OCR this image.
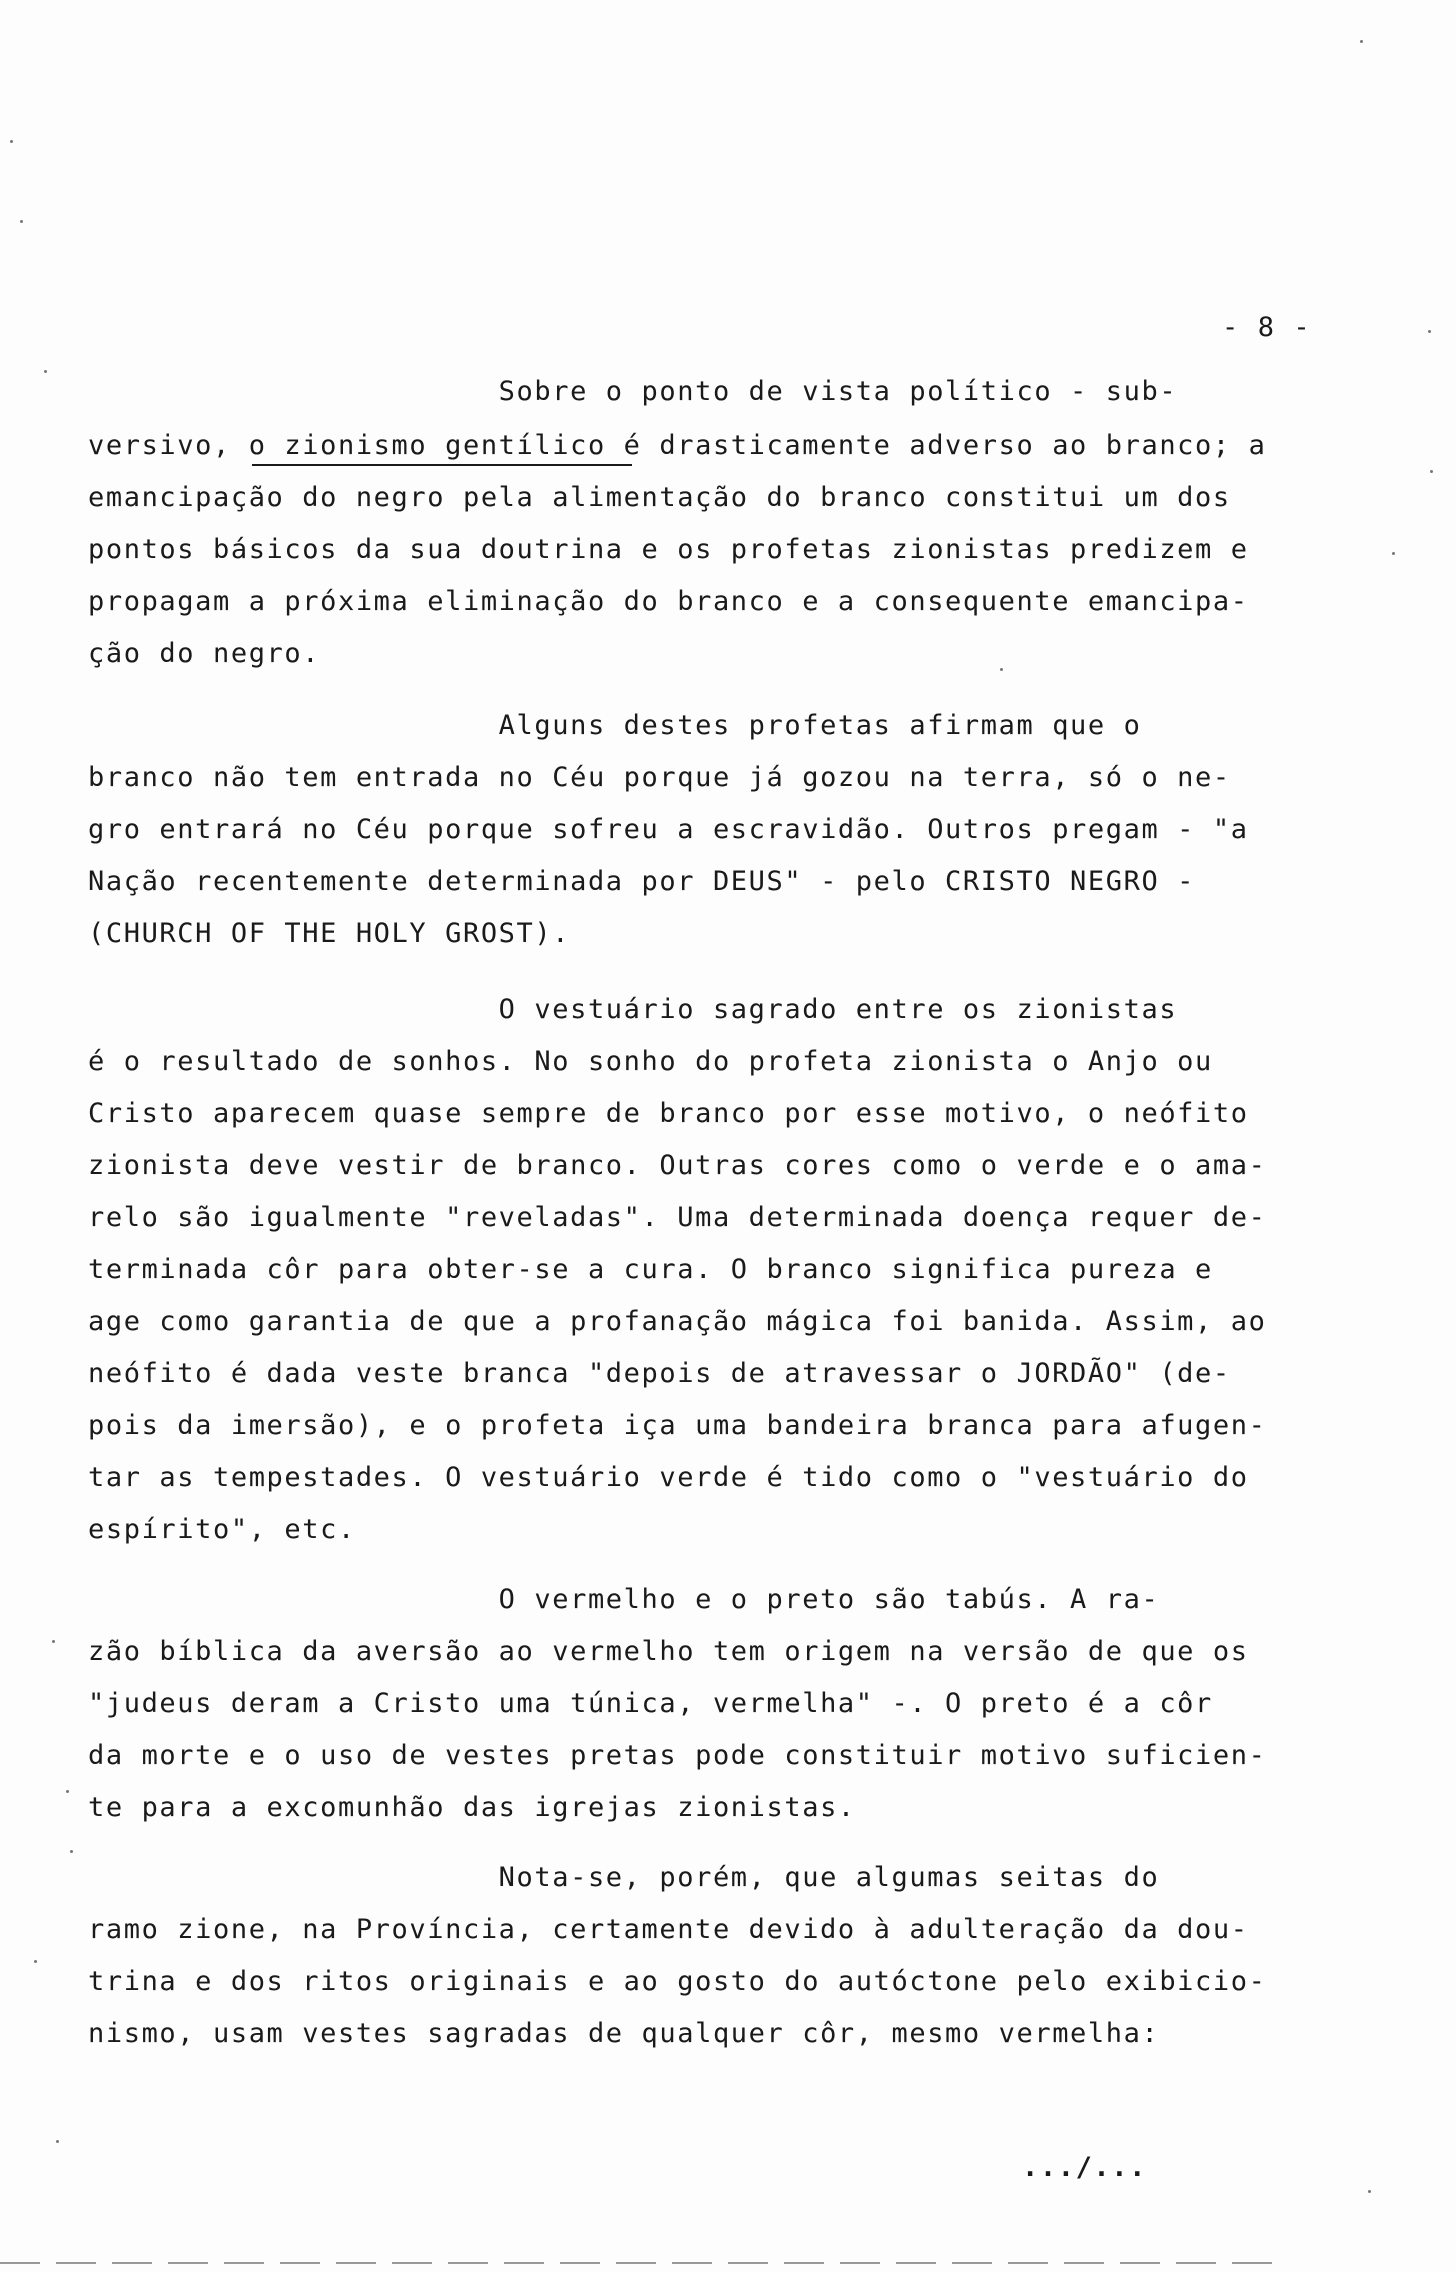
- 8 -
Sobre o ponto de vista político - sub-
versivo, o zionismo gentílico é drasticamente adverso ao branco; a
emancipação do negro pela alimentação do branco constitui um dos
pontos básicos da sua doutrina e os profetas zionistas predizem e
propagam a próxima eliminação do branco e a consequente emancipa-
ção do negro.
Alguns destes profetas afirmam que o
branco não tem entrada no Céu porque já gozou na terra, só o ne-
gro entrará no Céu porque sofreu a escravidão. Outros pregam - "a
Nação recentemente determinada por DEUS" - pelo CRISTO NEGRO -
(CHURCH OF THE HOLY GROST).
O vestuário sagrado entre os zionistas
é o resultado de sonhos. No sonho do profeta zionista o Anjo ou
Cristo aparecem quase sempre de branco por esse motivo, o neófito
zionista deve vestir de branco. Outras cores como o verde e o ama-
relo são igualmente "reveladas". Uma determinada doença requer de-
terminada côr para obter-se a cura. O branco significa pureza e
age como garantia de que a profanação mágica foi banida. Assim, ao
neófito é dada veste branca "depois de atravessar o JORDÃO" (de-
pois da imersão), e o profeta iça uma bandeira branca para afugen-
tar as tempestades. O vestuário verde é tido como o "vestuário do
espírito", etc.
O vermelho e o preto são tabús. A ra-
zão bíblica da aversão ao vermelho tem origem na versão de que os
"judeus deram a Cristo uma túnica, vermelha" -. O preto é a côr
da morte e o uso de vestes pretas pode constituir motivo suficien-
te para a excomunhão das igrejas zionistas.
Nota-se, porém, que algumas seitas do
ramo zione, na Província, certamente devido à adulteração da dou-
trina e dos ritos originais e ao gosto do autóctone pelo exibicio-
nismo, usam vestes sagradas de qualquer côr, mesmo vermelha:
.../...
